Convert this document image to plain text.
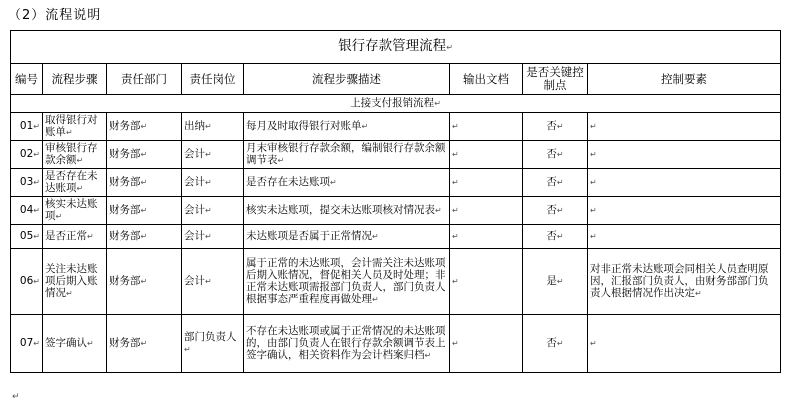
（2）流程说明
银行存款管理流程↵							
编号	流程步骤	责任部门	责任岗位	流程步骤描述	输出文档	是否关键控制点	控制要素
上接支付报销流程↵							
01↵	取得银行对账单↵	财务部↵	出纳↵	每月及时取得银行对账单↵	↵	否↵	↵
02↵	审核银行存款余额↵	财务部↵	会计↵	月末审核银行存款余额，编制银行存款余额调节表↵	↵	否↵	↵
03↵	是否存在未达账项↵	财务部↵	会计↵	是否存在未达账项↵	↵	否↵	↵
04↵	核实未达账项↵	财务部↵	会计↵	核实未达账项，提交未达账项核对情况表↵	↵	否↵	↵
05↵	是否正常↵	财务部↵	会计↵	未达账项是否属于正常情况↵	↵	否↵	↵
06↵	关注未达账项后期入账情况↵	财务部↵	会计↵	属于正常的未达账项，会计需关注未达账项后期入账情况，督促相关人员及时处理；非正常未达账项需报部门负责人，部门负责人根据事态严重程度再做处理↵	↵	是↵	对非正常未达账项会同相关人员查明原因，汇报部门负责人，由财务部部门负责人根据情况作出决定↵
07↵	签字确认↵	财务部↵	部门负责人↵	不存在未达账项或属于正常情况的未达账项的，由部门负责人在银行存款余额调节表上签字确认，相关资料作为会计档案归档↵	↵	否↵	↵
↵
